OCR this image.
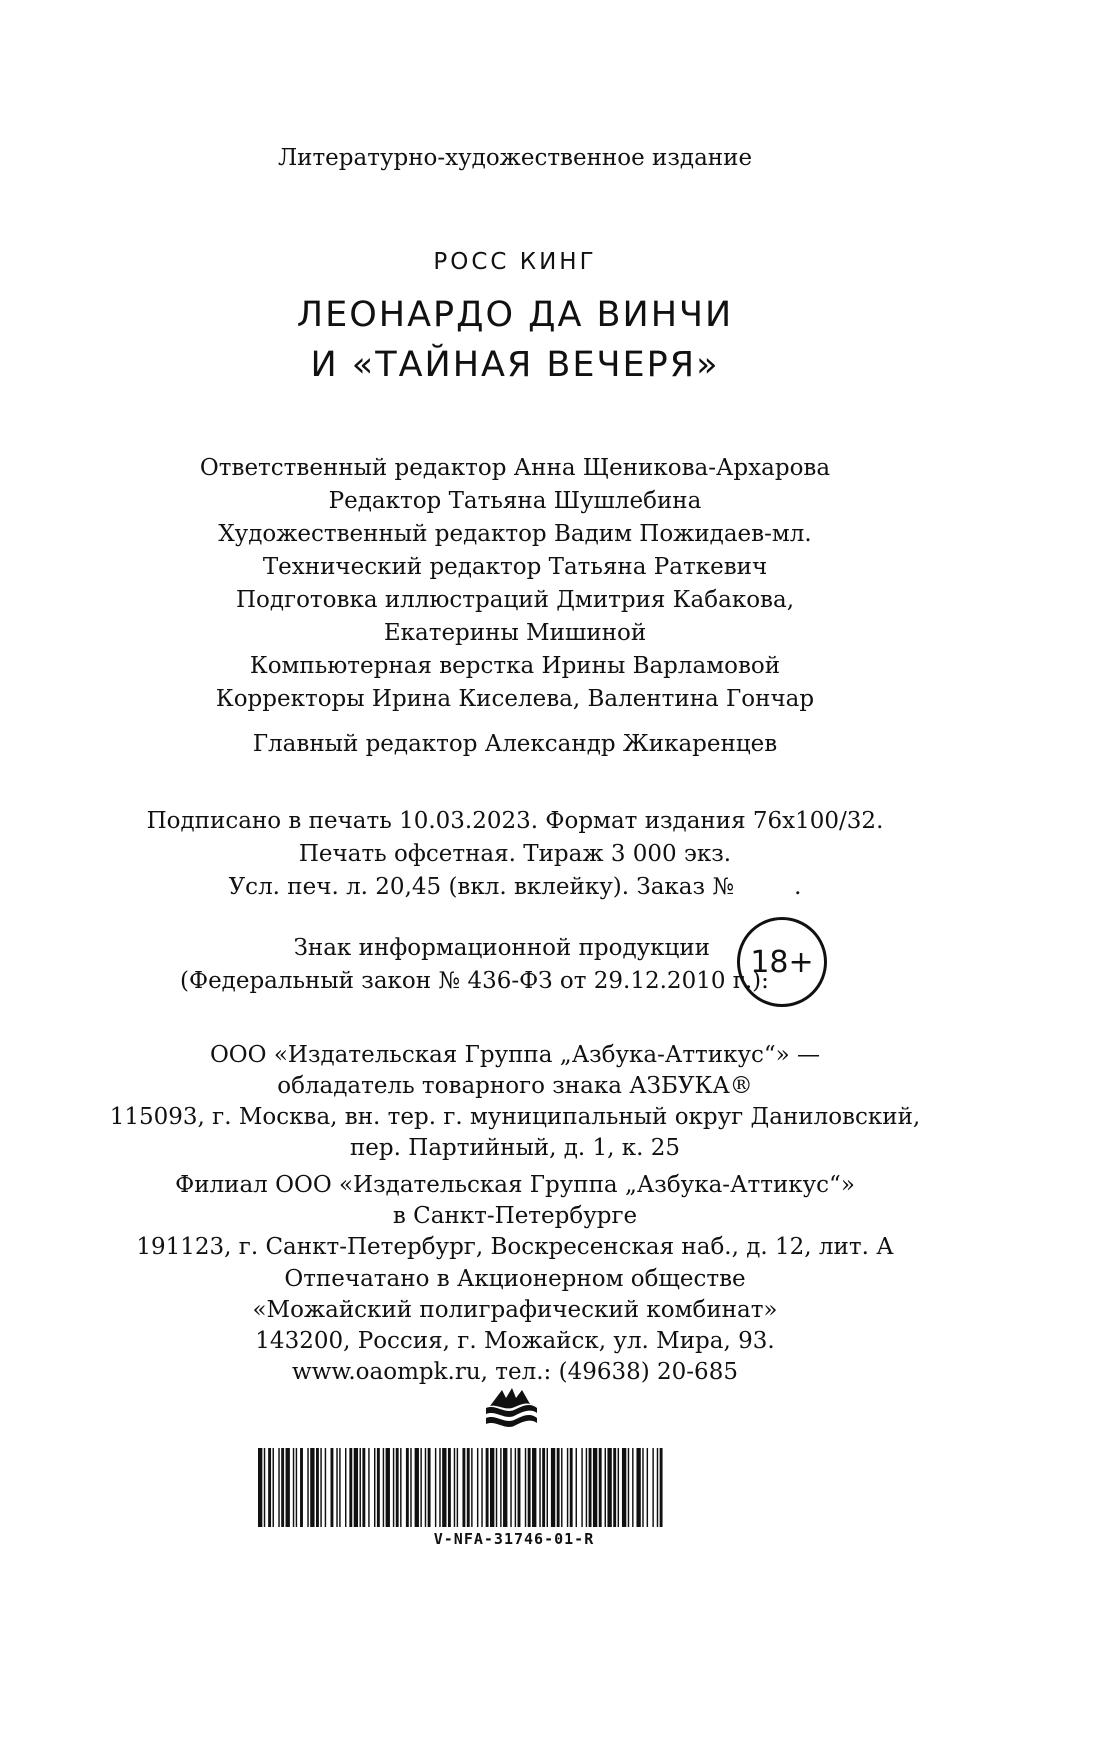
Литературно-художественное издание
РОСС КИНГ
ЛЕОНАРДО ДА ВИНЧИ
И «ТАЙНАЯ ВЕЧЕРЯ»
Ответственный редактор Анна Щеникова-Архарова
Редактор Татьяна Шушлебина
Художественный редактор Вадим Пожидаев-мл.
Технический редактор Татьяна Раткевич
Подготовка иллюстраций Дмитрия Кабакова,
Екатерины Мишиной
Компьютерная верстка Ирины Варламовой
Корректоры Ирина Киселева, Валентина Гончар
Главный редактор Александр Жикаренцев
Подписано в печать 10.03.2023. Формат издания 76x100/32.
Печать офсетная. Тираж 3 000 экз.
Усл. печ. л. 20,45 (вкл. вклейку). Заказ №	.
Знак информационной продукции
(Федеральный закон № 436-ФЗ от 29.12.2010 г.):
18+
ООО «Издательская Группа „Азбука-Аттикус“» —
обладатель товарного знака АЗБУКА®
115093, г. Москва, вн. тер. г. муниципальный округ Даниловский,
пер. Партийный, д. 1, к. 25
Филиал ООО «Издательская Группа „Азбука-Аттикус“»
в Санкт-Петербурге
191123, г. Санкт-Петербург, Воскресенская наб., д. 12, лит. А
Отпечатано в Акционерном обществе
«Можайский полиграфический комбинат»
143200, Россия, г. Можайск, ул. Мира, 93.
www.oaompk.ru, тел.: (49638) 20-685
V-NFA-31746-01-R
